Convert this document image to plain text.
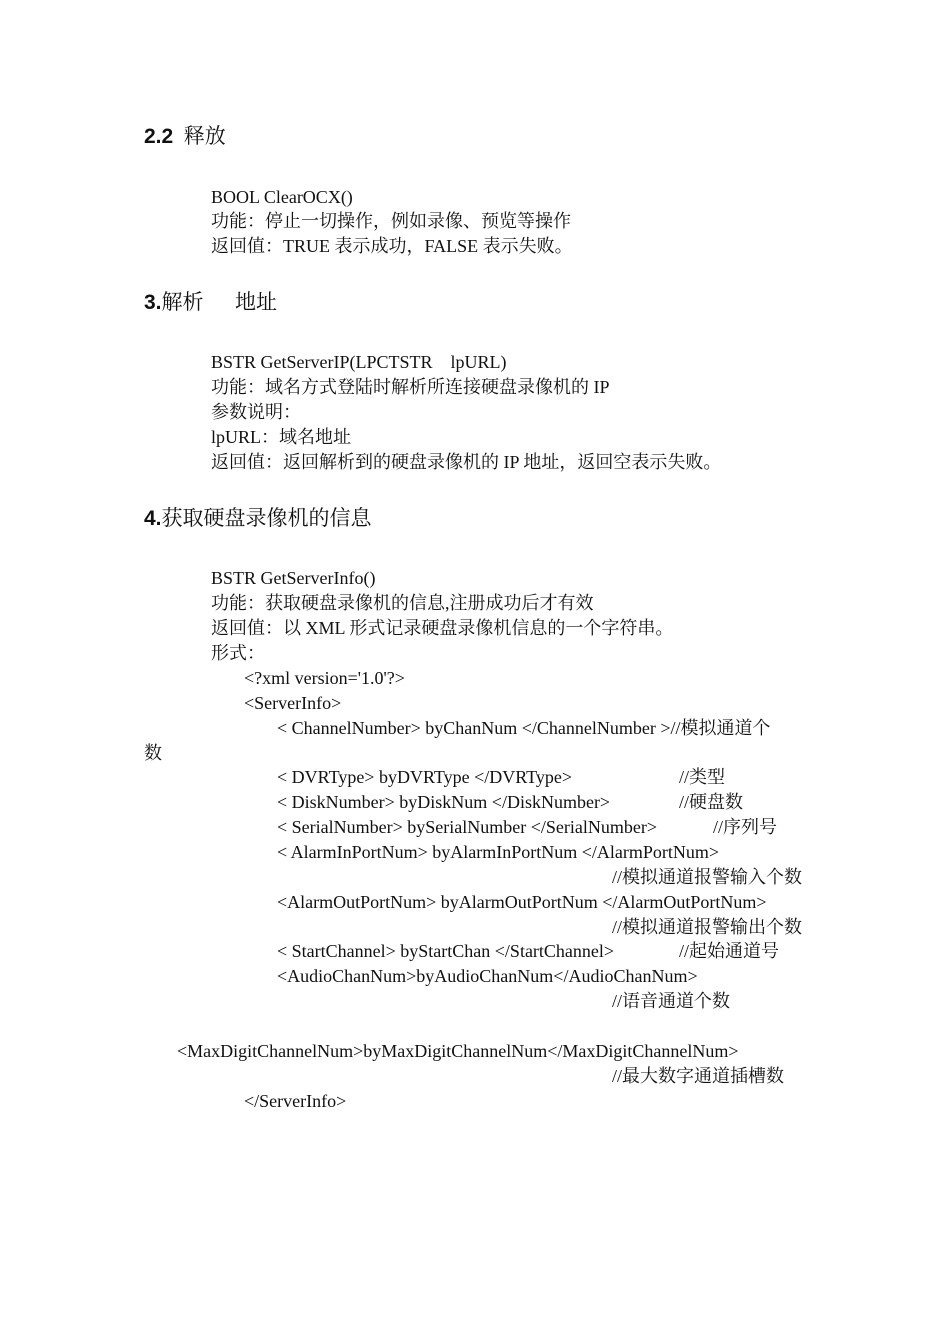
2.2 释放
BOOL ClearOCX()
功能：停止一切操作，例如录像、预览等操作
返回值：TRUE 表示成功，FALSE 表示失败。
3.解析      地址
BSTR GetServerIP(LPCTSTR    lpURL)
功能：域名方式登陆时解析所连接硬盘录像机的 IP
参数说明：
lpURL：域名地址
返回值：返回解析到的硬盘录像机的 IP 地址，返回空表示失败。
4.获取硬盘录像机的信息
BSTR GetServerInfo()
功能：获取硬盘录像机的信息,注册成功后才有效
返回值：以 XML 形式记录硬盘录像机信息的一个字符串。
形式：
<?xml version='1.0'?>
<ServerInfo>
< ChannelNumber> byChanNum </ChannelNumber >//模拟通道个
数
< DVRType> byDVRType </DVRType>	//类型
< DiskNumber> byDiskNum </DiskNumber>	//硬盘数
< SerialNumber> bySerialNumber </SerialNumber>	//序列号
< AlarmInPortNum> byAlarmInPortNum </AlarmPortNum>
//模拟通道报警输入个数
<AlarmOutPortNum> byAlarmOutPortNum </AlarmOutPortNum>
//模拟通道报警输出个数
< StartChannel> byStartChan </StartChannel>	//起始通道号
<AudioChanNum>byAudioChanNum</AudioChanNum>
//语音通道个数
<MaxDigitChannelNum>byMaxDigitChannelNum</MaxDigitChannelNum>
//最大数字通道插槽数
</ServerInfo>
